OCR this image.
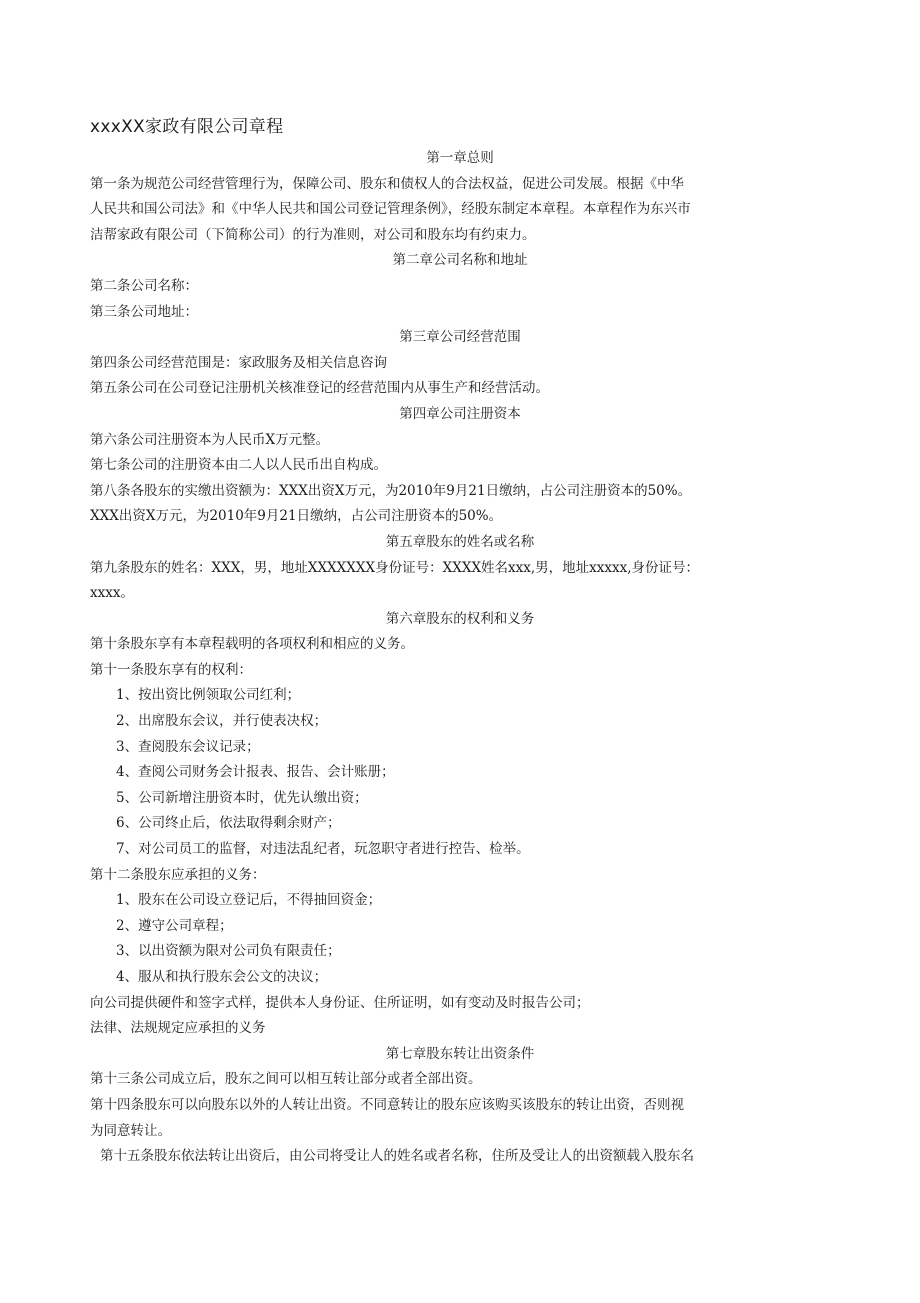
xxxXX家政有限公司章程
第一章总则
第一条为规范公司经营管理行为，保障公司、股东和债权人的合法权益，促进公司发展。根据《中华
人民共和国公司法》和《中华人民共和国公司登记管理条例》，经股东制定本章程。本章程作为东兴市
洁帮家政有限公司（下简称公司）的行为准则，对公司和股东均有约束力。
第二章公司名称和地址
第二条公司名称：
第三条公司地址：
第三章公司经营范围
第四条公司经营范围是：家政服务及相关信息咨询
第五条公司在公司登记注册机关核准登记的经营范围内从事生产和经营活动。
第四章公司注册资本
第六条公司注册资本为人民币X万元整。
第七条公司的注册资本由二人以人民币出自构成。
第八条各股东的实缴出资额为：XXX出资X万元，为2010年9月21日缴纳，占公司注册资本的50%。
XXX出资X万元，为2010年9月21日缴纳，占公司注册资本的50%。
第五章股东的姓名或名称
第九条股东的姓名：XXX，男，地址XXXXXXX身份证号：XXXX姓名xxx,男，地址xxxxx,身份证号：
xxxx。
第六章股东的权利和义务
第十条股东享有本章程载明的各项权利和相应的义务。
第十一条股东享有的权利：
1、按出资比例领取公司红利；
2、出席股东会议，并行使表决权；
3、查阅股东会议记录；
4、查阅公司财务会计报表、报告、会计账册；
5、公司新增注册资本时，优先认缴出资；
6、公司终止后，依法取得剩余财产；
7、对公司员工的监督，对违法乱纪者，玩忽职守者进行控告、检举。
第十二条股东应承担的义务：
1、股东在公司设立登记后，不得抽回资金；
2、遵守公司章程；
3、以出资额为限对公司负有限责任；
4、服从和执行股东会公文的决议；
向公司提供硬件和签字式样，提供本人身份证、住所证明，如有变动及时报告公司；
法律、法规规定应承担的义务
第七章股东转让出资条件
第十三条公司成立后，股东之间可以相互转让部分或者全部出资。
第十四条股东可以向股东以外的人转让出资。不同意转让的股东应该购买该股东的转让出资，否则视
为同意转让。
第十五条股东依法转让出资后，由公司将受让人的姓名或者名称，住所及受让人的出资额载入股东名
